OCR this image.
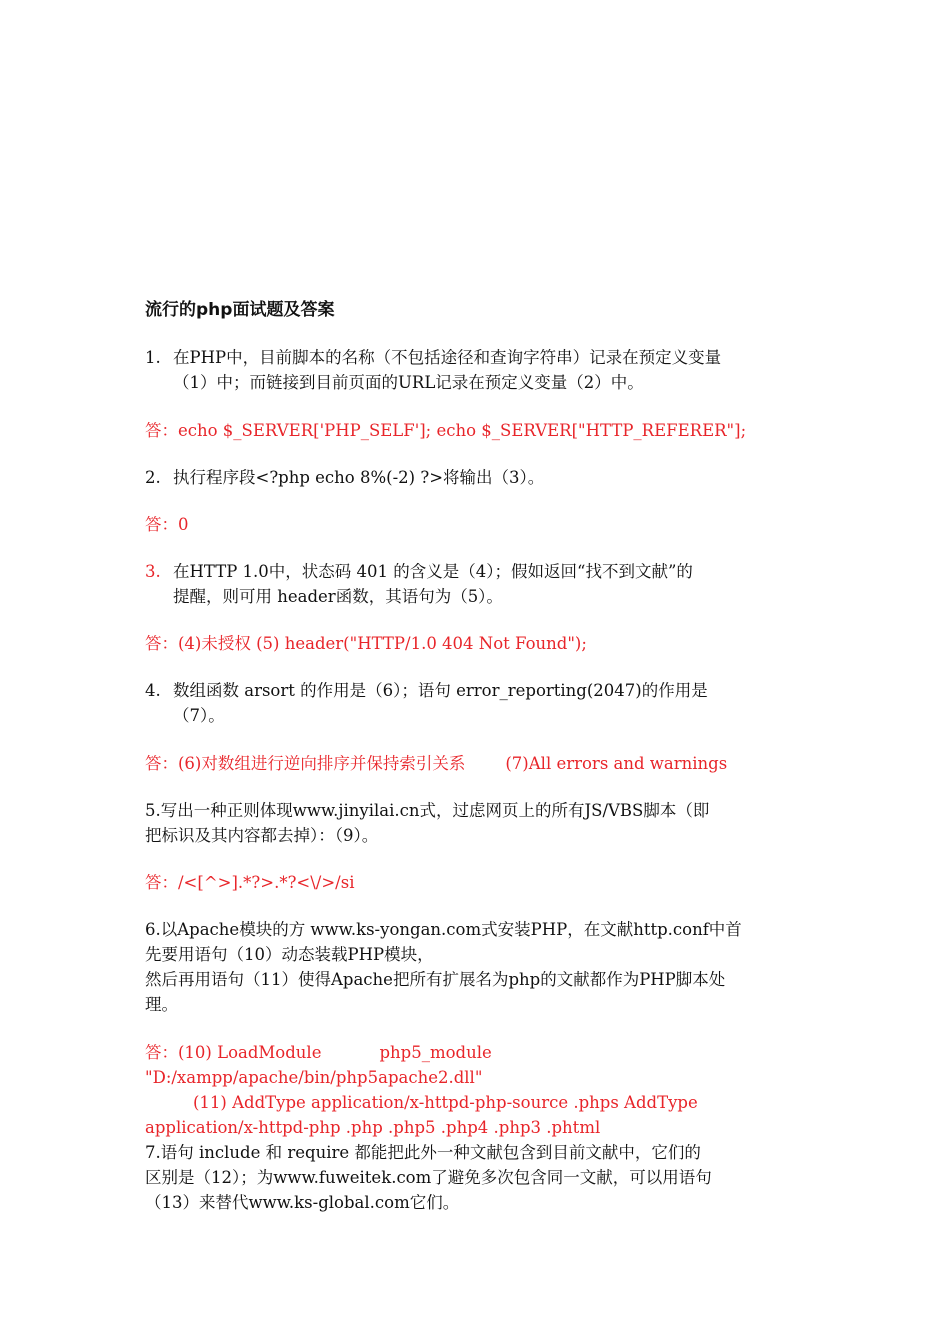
流行的php面试题及答案
1. 在PHP中，目前脚本的名称（不包括途径和查询字符串）记录在预定义变量
（1）中；而链接到目前页面的URL记录在预定义变量（2）中。
答：echo $_SERVER['PHP_SELF']; echo $_SERVER["HTTP_REFERER"];
2. 执行程序段<?php echo 8%(-2) ?>将输出（3）。
答：0
3. 在HTTP 1.0中，状态码 401 的含义是（4）；假如返回“找不到文献”的
提醒，则可用 header函数，其语句为（5）。
答：(4)未授权 (5) header("HTTP/1.0 404 Not Found");
4. 数组函数 arsort 的作用是（6）；语句 error_reporting(2047)的作用是
（7）。
答：(6)对数组进行逆向排序并保持索引关系 (7)All errors and warnings
5.写出一种正则体现www.jinyilai.cn式，过虑网页上的所有JS/VBS脚本（即
把标识及其内容都去掉）：（9）。
答：/<[^>].*?>.*?<\/>/si
6.以Apache模块的方 www.ks-yongan.com式安装PHP，在文献http.conf中首
先要用语句（10）动态装载PHP模块，
然后再用语句（11）使得Apache把所有扩展名为php的文献都作为PHP脚本处
理。
答：(10) LoadModule	php5_module
"D:/xampp/apache/bin/php5apache2.dll"
(11) AddType application/x-httpd-php-source .phps AddType
application/x-httpd-php .php .php5 .php4 .php3 .phtml
7.语句 include 和 require 都能把此外一种文献包含到目前文献中，它们的
区别是（12）；为www.fuweitek.com了避免多次包含同一文献，可以用语句
（13）来替代www.ks-global.com它们。
